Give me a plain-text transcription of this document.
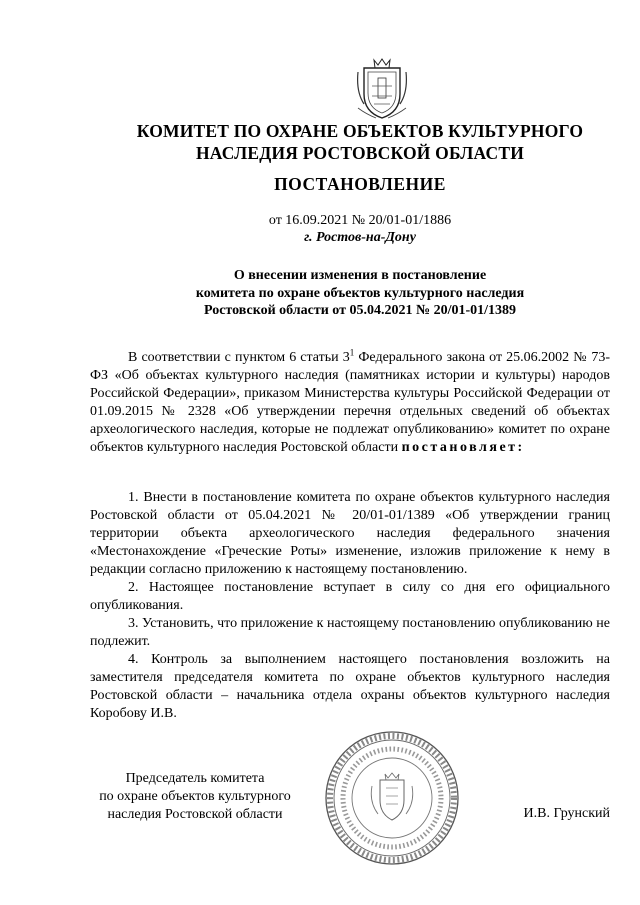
КОМИТЕТ ПО ОХРАНЕ ОБЪЕКТОВ КУЛЬТУРНОГО
НАСЛЕДИЯ РОСТОВСКОЙ ОБЛАСТИ
ПОСТАНОВЛЕНИЕ
от 16.09.2021 № 20/01-01/1886
г. Ростов-на-Дону
О внесении изменения в постановление
комитета по охране объектов культурного наследия
Ростовской области от 05.04.2021 № 20/01-01/1389

В соответствии с пунктом 6 статьи $3^1$ Федерального закона от 25.06.2002 № 73-ФЗ «Об объектах культурного наследия (памятниках истории и культуры) народов Российской Федерации», приказом Министерства культуры Российской Федерации от 01.09.2015 № 2328 «Об утверждении перечня отдельных сведений об объектах археологического наследия, которые не подлежат опубликованию» комитет по охране объектов культурного наследия Ростовской области постановляет:

1. Внести в постановление комитета по охране объектов культурного наследия Ростовской области от 05.04.2021 № 20/01-01/1389 «Об утверждении границ территории объекта археологического наследия федерального значения «Местонахождение «Греческие Роты» изменение, изложив приложение к нему в редакции согласно приложению к настоящему постановлению.

2. Настоящее постановление вступает в силу со дня его официального опубликования.

3. Установить, что приложение к настоящему постановлению опубликованию не подлежит.

4. Контроль за выполнением настоящего постановления возложить на заместителя председателя комитета по охране объектов культурного наследия Ростовской области – начальника отдела охраны объектов культурного наследия Коробову И.В.

Председатель комитета
по охране объектов культурного
наследия Ростовской области	И.В. Грунский
